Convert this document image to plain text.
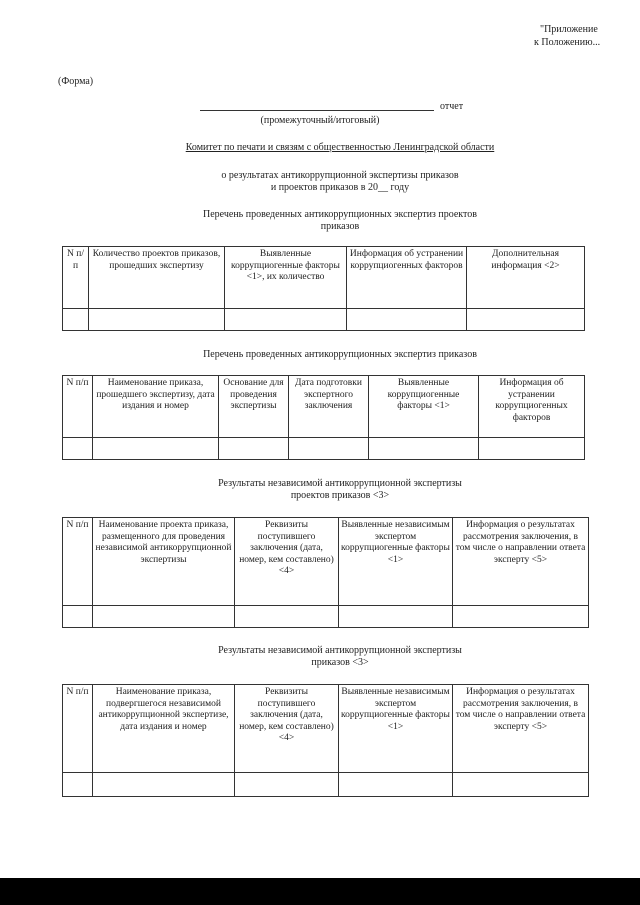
"Приложение
к Положению...
(Форма)
отчет
(промежуточный/итоговый)
Комитет по печати и связям с общественностью Ленинградской области
о результатах антикоррупционной экспертизы приказов
и проектов приказов в 20__ году
Перечень проведенных антикоррупционных экспертиз проектов
приказов
N п/п	Количество проектов приказов, прошедших экспертизу	Выявленные коррупциогенные факторы <1>, их количество	Информация об устранении коррупциогенных факторов	Дополнительная информация <2>

Перечень проведенных антикоррупционных экспертиз приказов
N п/п	Наименование приказа, прошедшего экспертизу, дата издания и номер	Основание для проведения экспертизы	Дата подготовки экспертного заключения	Выявленные коррупциогенные факторы <1>	Информация об устранении коррупциогенных факторов

Результаты независимой антикоррупционной экспертизы
проектов приказов <3>
N п/п	Наименование проекта приказа, размещенного для проведения независимой антикоррупционной экспертизы	Реквизиты поступившего заключения (дата, номер, кем составлено) <4>	Выявленные независимым экспертом коррупциогенные факторы <1>	Информация о результатах рассмотрения заключения, в том числе о направлении ответа эксперту <5>

Результаты независимой антикоррупционной экспертизы
приказов <3>
N п/п	Наименование приказа, подвергшегося независимой антикоррупционной экспертизе, дата издания и номер	Реквизиты поступившего заключения (дата, номер, кем составлено) <4>	Выявленные независимым экспертом коррупциогенные факторы <1>	Информация о результатах рассмотрения заключения, в том числе о направлении ответа эксперту <5>
